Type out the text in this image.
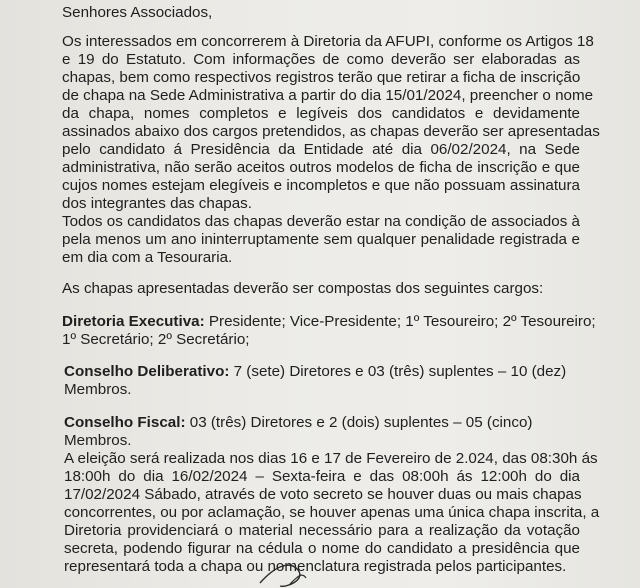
Senhores Associados,
Os interessados em concorrerem à Diretoria da AFUPI, conforme os Artigos 18
e 19 do Estatuto. Com informações de como deverão ser elaboradas as
chapas, bem como respectivos registros terão que retirar a ficha de inscrição
de chapa na Sede Administrativa a partir do dia 15/01/2024, preencher o nome
da chapa, nomes completos e legíveis dos candidatos e devidamente
assinados abaixo dos cargos pretendidos, as chapas deverão ser apresentadas
pelo candidato á Presidência da Entidade até dia 06/02/2024, na Sede
administrativa, não serão aceitos outros modelos de ficha de inscrição e que
cujos nomes estejam elegíveis e incompletos e que não possuam assinatura
dos integrantes das chapas.
Todos os candidatos das chapas deverão estar na condição de associados à
pela menos um ano ininterruptamente sem qualquer penalidade registrada e
em dia com a Tesouraria.
As chapas apresentadas deverão ser compostas dos seguintes cargos:
Diretoria Executiva: Presidente; Vice-Presidente; 1º Tesoureiro; 2º Tesoureiro;
1º Secretário; 2º Secretário;
Conselho Deliberativo: 7 (sete) Diretores e 03 (três) suplentes – 10 (dez)
Membros.
Conselho Fiscal: 03 (três) Diretores e 2 (dois) suplentes – 05 (cinco)
Membros.
A eleição será realizada nos dias 16 e 17 de Fevereiro de 2.024, das 08:30h ás
18:00h do dia 16/02/2024 – Sexta-feira e das 08:00h ás 12:00h do dia
17/02/2024 Sábado, através de voto secreto se houver duas ou mais chapas
concorrentes, ou por aclamação, se houver apenas uma única chapa inscrita, a
Diretoria providenciará o material necessário para a realização da votação
secreta, podendo figurar na cédula o nome do candidato a presidência que
representará toda a chapa ou nomenclatura registrada pelos participantes.
